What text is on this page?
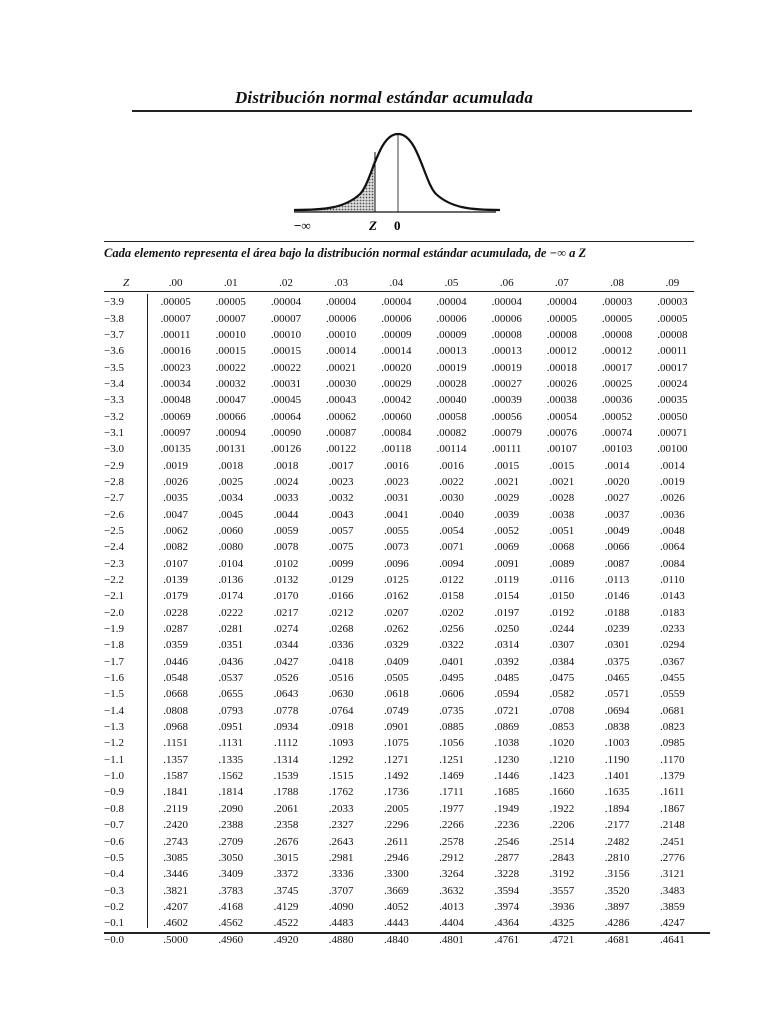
Distribución normal estándar acumulada
−∞	Z 0
Cada elemento representa el área bajo la distribución normal estándar acumulada, de −∞ a Z
Z	.00	.01	.02	.03	.04	.05	.06	.07	.08	.09
−3.9	.00005	.00005	.00004	.00004	.00004	.00004	.00004	.00004	.00003	.00003
−3.8	.00007	.00007	.00007	.00006	.00006	.00006	.00006	.00005	.00005	.00005
−3.7	.00011	.00010	.00010	.00010	.00009	.00009	.00008	.00008	.00008	.00008
−3.6	.00016	.00015	.00015	.00014	.00014	.00013	.00013	.00012	.00012	.00011
−3.5	.00023	.00022	.00022	.00021	.00020	.00019	.00019	.00018	.00017	.00017
−3.4	.00034	.00032	.00031	.00030	.00029	.00028	.00027	.00026	.00025	.00024
−3.3	.00048	.00047	.00045	.00043	.00042	.00040	.00039	.00038	.00036	.00035
−3.2	.00069	.00066	.00064	.00062	.00060	.00058	.00056	.00054	.00052	.00050
−3.1	.00097	.00094	.00090	.00087	.00084	.00082	.00079	.00076	.00074	.00071
−3.0	.00135	.00131	.00126	.00122	.00118	.00114	.00111	.00107	.00103	.00100
−2.9	.0019	.0018	.0018	.0017	.0016	.0016	.0015	.0015	.0014	.0014
−2.8	.0026	.0025	.0024	.0023	.0023	.0022	.0021	.0021	.0020	.0019
−2.7	.0035	.0034	.0033	.0032	.0031	.0030	.0029	.0028	.0027	.0026
−2.6	.0047	.0045	.0044	.0043	.0041	.0040	.0039	.0038	.0037	.0036
−2.5	.0062	.0060	.0059	.0057	.0055	.0054	.0052	.0051	.0049	.0048
−2.4	.0082	.0080	.0078	.0075	.0073	.0071	.0069	.0068	.0066	.0064
−2.3	.0107	.0104	.0102	.0099	.0096	.0094	.0091	.0089	.0087	.0084
−2.2	.0139	.0136	.0132	.0129	.0125	.0122	.0119	.0116	.0113	.0110
−2.1	.0179	.0174	.0170	.0166	.0162	.0158	.0154	.0150	.0146	.0143
−2.0	.0228	.0222	.0217	.0212	.0207	.0202	.0197	.0192	.0188	.0183
−1.9	.0287	.0281	.0274	.0268	.0262	.0256	.0250	.0244	.0239	.0233
−1.8	.0359	.0351	.0344	.0336	.0329	.0322	.0314	.0307	.0301	.0294
−1.7	.0446	.0436	.0427	.0418	.0409	.0401	.0392	.0384	.0375	.0367
−1.6	.0548	.0537	.0526	.0516	.0505	.0495	.0485	.0475	.0465	.0455
−1.5	.0668	.0655	.0643	.0630	.0618	.0606	.0594	.0582	.0571	.0559
−1.4	.0808	.0793	.0778	.0764	.0749	.0735	.0721	.0708	.0694	.0681
−1.3	.0968	.0951	.0934	.0918	.0901	.0885	.0869	.0853	.0838	.0823
−1.2	.1151	.1131	.1112	.1093	.1075	.1056	.1038	.1020	.1003	.0985
−1.1	.1357	.1335	.1314	.1292	.1271	.1251	.1230	.1210	.1190	.1170
−1.0	.1587	.1562	.1539	.1515	.1492	.1469	.1446	.1423	.1401	.1379
−0.9	.1841	.1814	.1788	.1762	.1736	.1711	.1685	.1660	.1635	.1611
−0.8	.2119	.2090	.2061	.2033	.2005	.1977	.1949	.1922	.1894	.1867
−0.7	.2420	.2388	.2358	.2327	.2296	.2266	.2236	.2206	.2177	.2148
−0.6	.2743	.2709	.2676	.2643	.2611	.2578	.2546	.2514	.2482	.2451
−0.5	.3085	.3050	.3015	.2981	.2946	.2912	.2877	.2843	.2810	.2776
−0.4	.3446	.3409	.3372	.3336	.3300	.3264	.3228	.3192	.3156	.3121
−0.3	.3821	.3783	.3745	.3707	.3669	.3632	.3594	.3557	.3520	.3483
−0.2	.4207	.4168	.4129	.4090	.4052	.4013	.3974	.3936	.3897	.3859
−0.1	.4602	.4562	.4522	.4483	.4443	.4404	.4364	.4325	.4286	.4247
−0.0	.5000	.4960	.4920	.4880	.4840	.4801	.4761	.4721	.4681	.4641
